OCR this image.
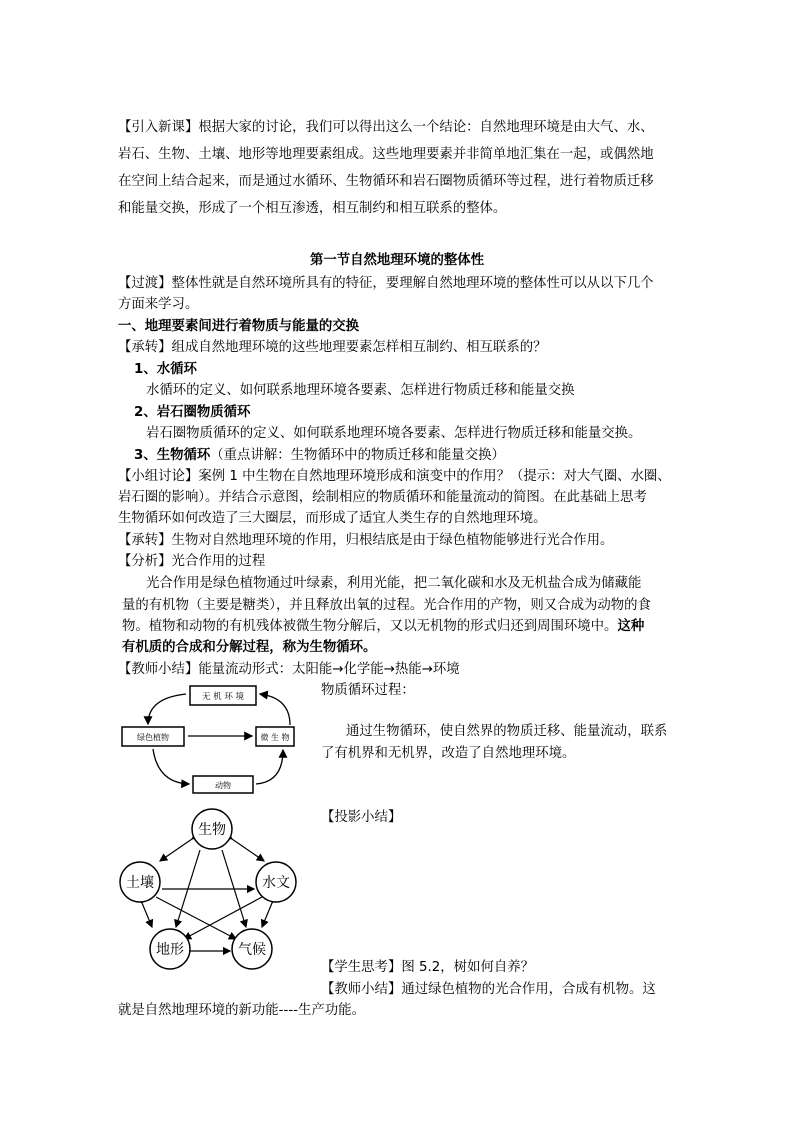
【引入新课】根据大家的讨论，我们可以得出这么一个结论：自然地理环境是由大气、水、
岩石、生物、土壤、地形等地理要素组成。这些地理要素并非简单地汇集在一起，或偶然地
在空间上结合起来，而是通过水循环、生物循环和岩石圈物质循环等过程，进行着物质迁移
和能量交换，形成了一个相互渗透，相互制约和相互联系的整体。
第一节自然地理环境的整体性
【过渡】整体性就是自然环境所具有的特征，要理解自然地理环境的整体性可以从以下几个
方面来学习。
一、地理要素间进行着物质与能量的交换
【承转】组成自然地理环境的这些地理要素怎样相互制约、相互联系的？
1、水循环
水循环的定义、如何联系地理环境各要素、怎样进行物质迁移和能量交换
2、岩石圈物质循环
岩石圈物质循环的定义、如何联系地理环境各要素、怎样进行物质迁移和能量交换。
3、生物循环（重点讲解：生物循环中的物质迁移和能量交换）
【小组讨论】案例 1 中生物在自然地理环境形成和演变中的作用？（提示：对大气圈、水圈、
岩石圈的影响）。并结合示意图，绘制相应的物质循环和能量流动的简图。在此基础上思考
生物循环如何改造了三大圈层，而形成了适宜人类生存的自然地理环境。
【承转】生物对自然地理环境的作用，归根结底是由于绿色植物能够进行光合作用。
【分析】光合作用的过程
光合作用是绿色植物通过叶绿素，利用光能，把二氧化碳和水及无机盐合成为储藏能
量的有机物（主要是糖类），并且释放出氧的过程。光合作用的产物，则又合成为动物的食
物。植物和动物的有机残体被微生物分解后，又以无机物的形式归还到周围环境中。这种
有机质的合成和分解过程，称为生物循环。
【教师小结】能量流动形式：太阳能→化学能→热能→环境
物质循环过程：
通过生物循环，使自然界的物质迁移、能量流动，联系
了有机界和无机界，改造了自然地理环境。
【投影小结】
【学生思考】图 5.2，树如何自养？
【教师小结】通过绿色植物的光合作用，合成有机物。这
就是自然地理环境的新功能----生产功能。
无 机 环 境
绿色植物	微 生 物
动物
生物
土壤	水文
地形	气候
